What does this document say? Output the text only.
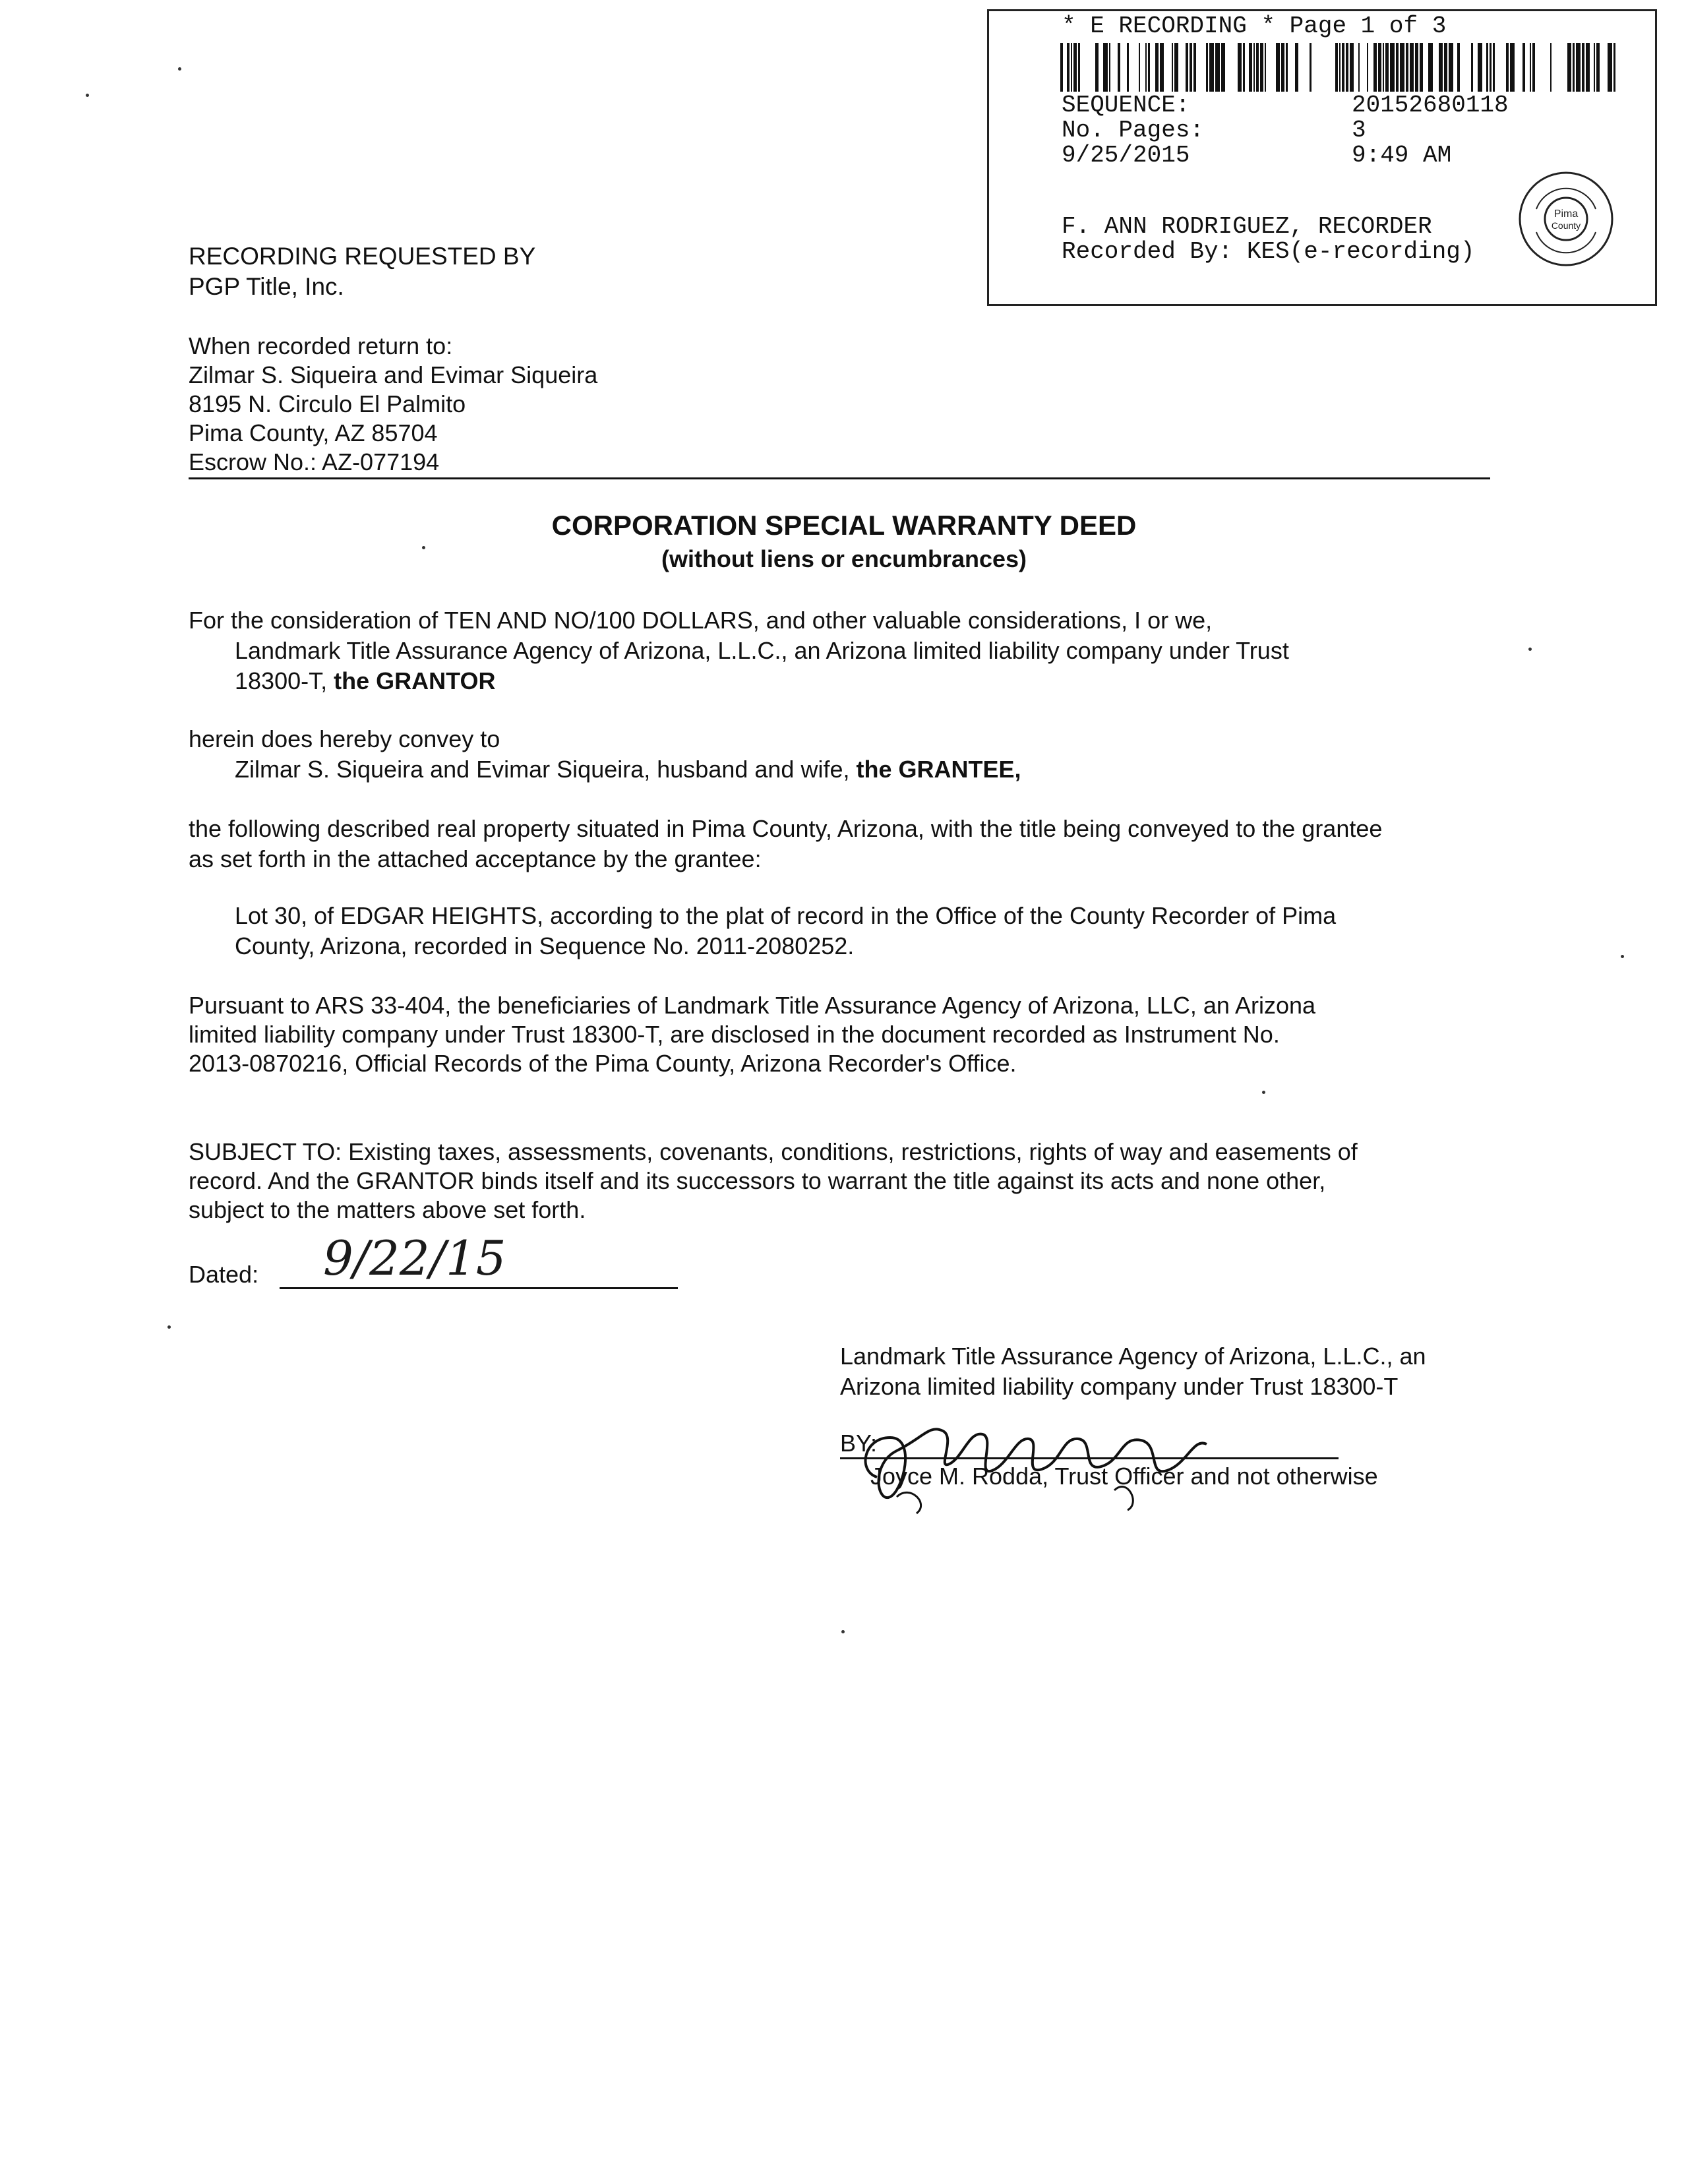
* E RECORDING * Page 1 of 3
SEQUENCE:	20152680118
No. Pages:	3
9/25/2015	9:49 AM
F. ANN RODRIGUEZ, RECORDER
Recorded By: KES(e-recording)
Pima
County
RECORDING REQUESTED BY
PGP Title, Inc.
When recorded return to:
Zilmar S. Siqueira and Evimar Siqueira
8195 N. Circulo El Palmito
Pima County, AZ 85704
Escrow No.: AZ-077194
CORPORATION SPECIAL WARRANTY DEED
(without liens or encumbrances)
For the consideration of TEN AND NO/100 DOLLARS, and other valuable considerations, I or we,
Landmark Title Assurance Agency of Arizona, L.L.C., an Arizona limited liability company under Trust
18300-T, the GRANTOR
herein does hereby convey to
Zilmar S. Siqueira and Evimar Siqueira, husband and wife, the GRANTEE,
the following described real property situated in Pima County, Arizona, with the title being conveyed to the grantee
as set forth in the attached acceptance by the grantee:
Lot 30, of EDGAR HEIGHTS, according to the plat of record in the Office of the County Recorder of Pima
County, Arizona, recorded in Sequence No. 2011-2080252.
Pursuant to ARS 33-404, the beneficiaries of Landmark Title Assurance Agency of Arizona, LLC, an Arizona
limited liability company under Trust 18300-T, are disclosed in the document recorded as Instrument No.
2013-0870216, Official Records of the Pima County, Arizona Recorder's Office.
SUBJECT TO: Existing taxes, assessments, covenants, conditions, restrictions, rights of way and easements of
record. And the GRANTOR binds itself and its successors to warrant the title against its acts and none other,
subject to the matters above set forth.
Dated: 9/22/15
Landmark Title Assurance Agency of Arizona, L.L.C., an
Arizona limited liability company under Trust 18300-T
BY:
Joyce M. Rodda, Trust Officer and not otherwise
